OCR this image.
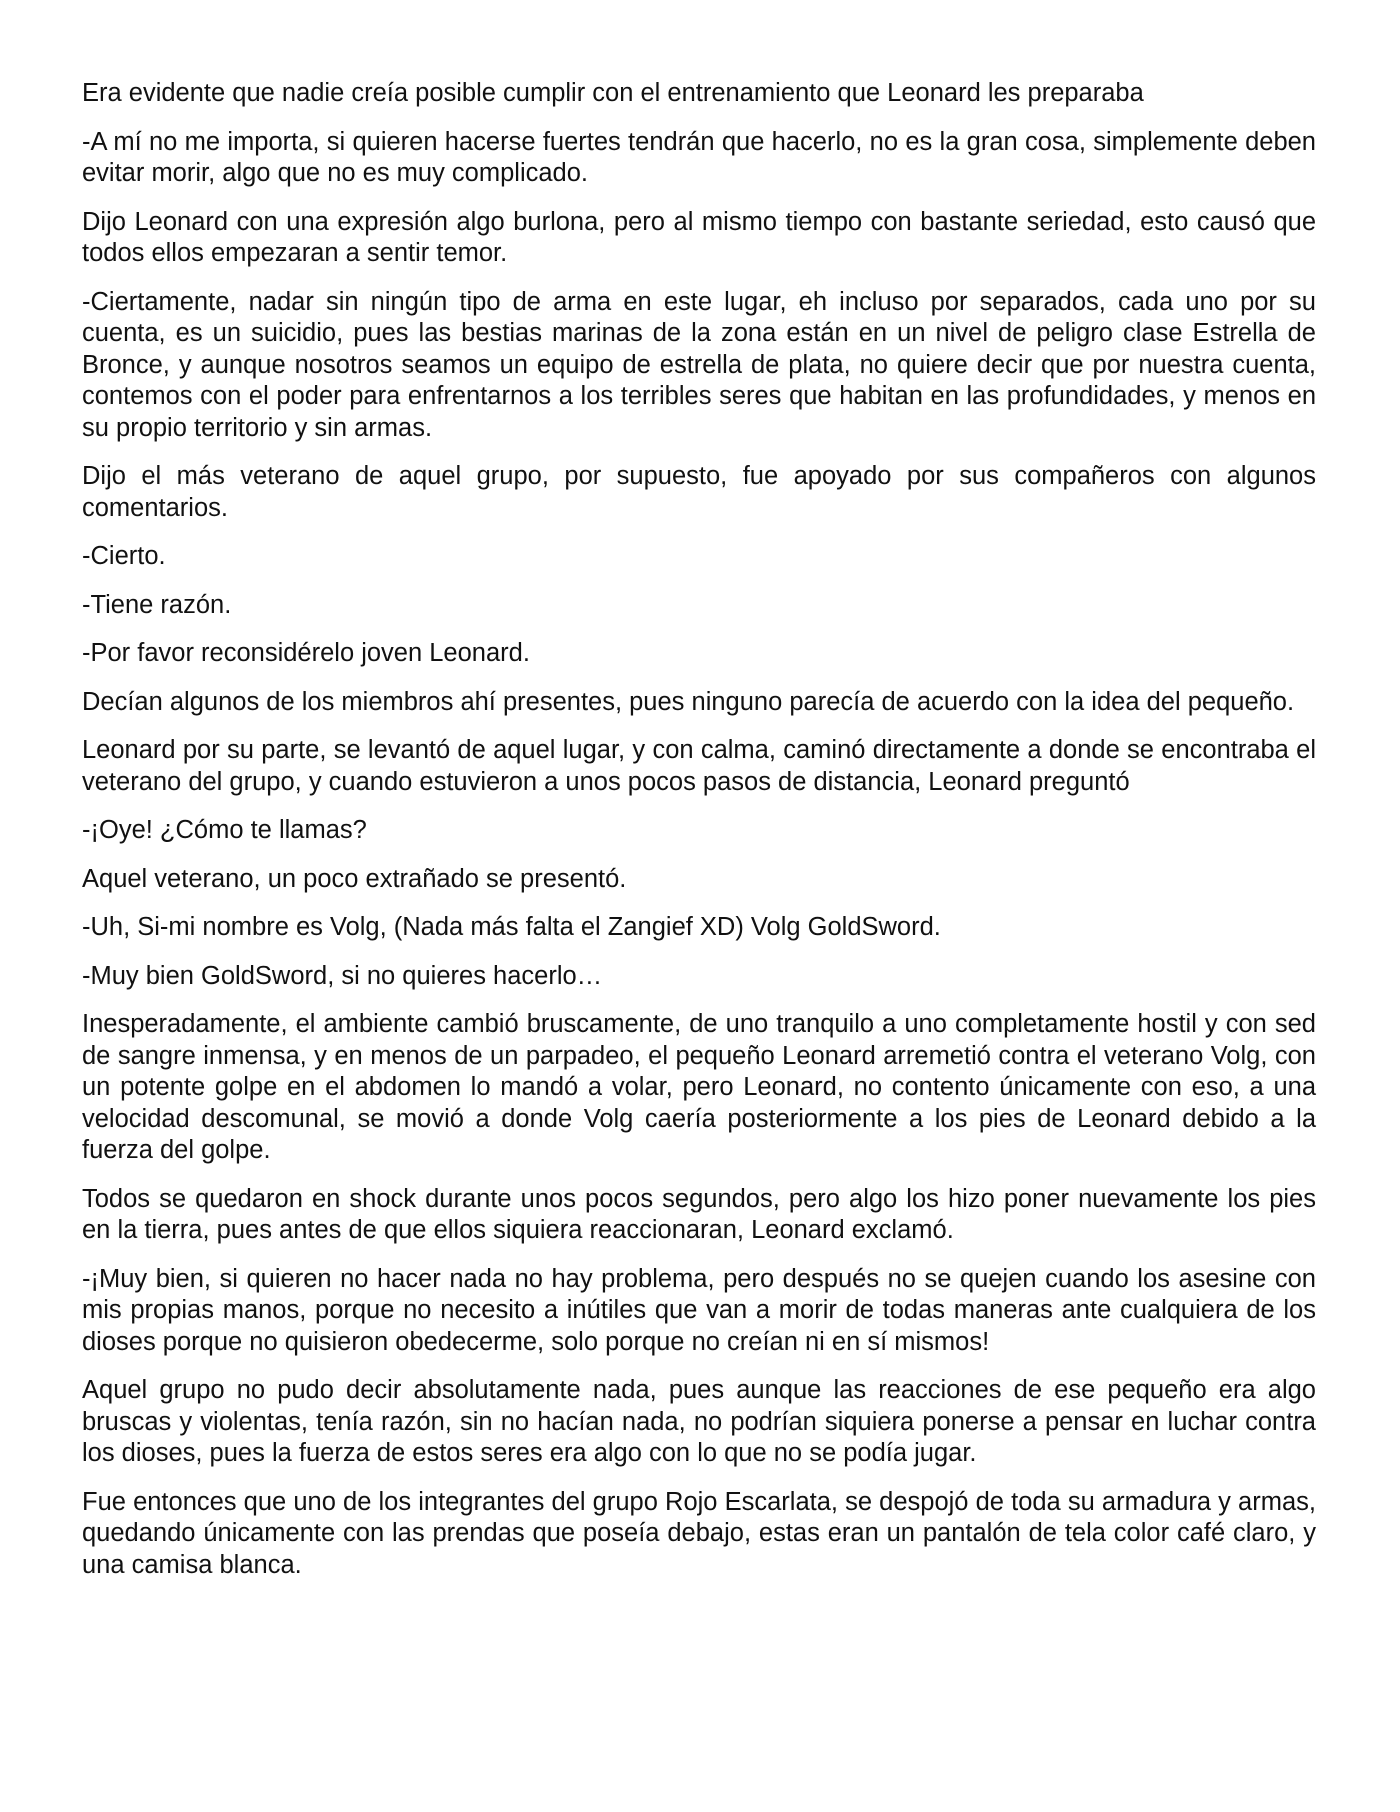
Era evidente que nadie creía posible cumplir con el entrenamiento que Leonard les preparaba

-A mí no me importa, si quieren hacerse fuertes tendrán que hacerlo, no es la gran cosa, simplemente deben evitar morir, algo que no es muy complicado.

Dijo Leonard con una expresión algo burlona, pero al mismo tiempo con bastante seriedad, esto causó que todos ellos empezaran a sentir temor.

-Ciertamente, nadar sin ningún tipo de arma en este lugar, eh incluso por separados, cada uno por su cuenta, es un suicidio, pues las bestias marinas de la zona están en un nivel de peligro clase Estrella de Bronce, y aunque nosotros seamos un equipo de estrella de plata, no quiere decir que por nuestra cuenta, contemos con el poder para enfrentarnos a los terribles seres que habitan en las profundidades, y menos en su propio territorio y sin armas.

Dijo el más veterano de aquel grupo, por supuesto, fue apoyado por sus compañeros con algunos comentarios.

-Cierto.

-Tiene razón.

-Por favor reconsidérelo joven Leonard.

Decían algunos de los miembros ahí presentes, pues ninguno parecía de acuerdo con la idea del pequeño.

Leonard por su parte, se levantó de aquel lugar, y con calma, caminó directamente a donde se encontraba el veterano del grupo, y cuando estuvieron a unos pocos pasos de distancia, Leonard preguntó

-¡Oye! ¿Cómo te llamas?

Aquel veterano, un poco extrañado se presentó.

-Uh, Si-mi nombre es Volg, (Nada más falta el Zangief XD) Volg GoldSword.

-Muy bien GoldSword, si no quieres hacerlo…

Inesperadamente, el ambiente cambió bruscamente, de uno tranquilo a uno completamente hostil y con sed de sangre inmensa, y en menos de un parpadeo, el pequeño Leonard arremetió contra el veterano Volg, con un potente golpe en el abdomen lo mandó a volar, pero Leonard, no contento únicamente con eso, a una velocidad descomunal, se movió a donde Volg caería posteriormente a los pies de Leonard debido a la fuerza del golpe.

Todos se quedaron en shock durante unos pocos segundos, pero algo los hizo poner nuevamente los pies en la tierra, pues antes de que ellos siquiera reaccionaran, Leonard exclamó.

-¡Muy bien, si quieren no hacer nada no hay problema, pero después no se quejen cuando los asesine con mis propias manos, porque no necesito a inútiles que van a morir de todas maneras ante cualquiera de los dioses porque no quisieron obedecerme, solo porque no creían ni en sí mismos!

Aquel grupo no pudo decir absolutamente nada, pues aunque las reacciones de ese pequeño era algo bruscas y violentas, tenía razón, sin no hacían nada, no podrían siquiera ponerse a pensar en luchar contra los dioses, pues la fuerza de estos seres era algo con lo que no se podía jugar.

Fue entonces que uno de los integrantes del grupo Rojo Escarlata, se despojó de toda su armadura y armas, quedando únicamente con las prendas que poseía debajo, estas eran un pantalón de tela color café claro, y una camisa blanca.
